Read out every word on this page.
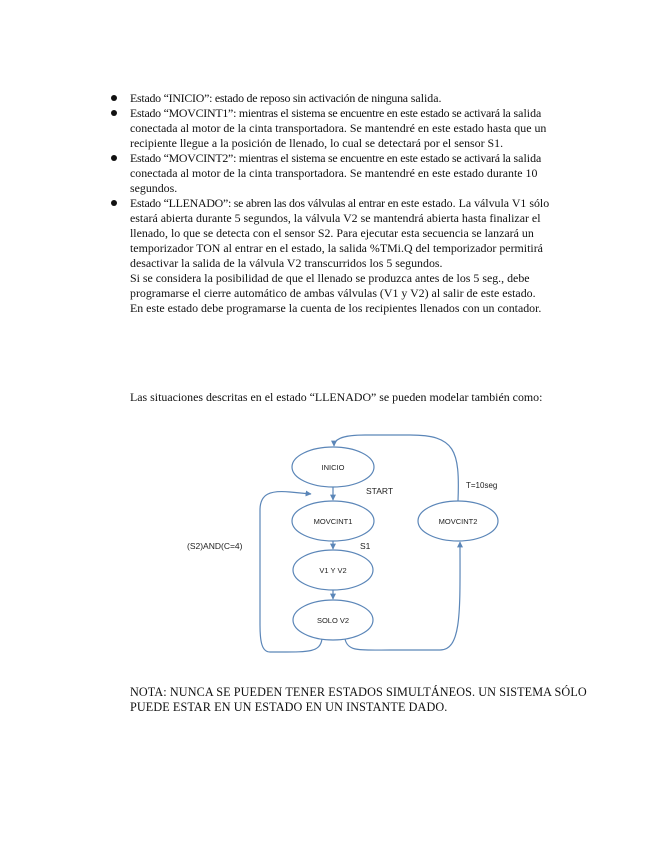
Estado “INICIO”: estado de reposo sin activación de ninguna salida.

Estado “MOVCINT1”: mientras el sistema se encuentre en este estado se activará la salida conectada al motor de la cinta transportadora. Se mantendré en este estado hasta que un recipiente llegue a la posición de llenado, lo cual se detectará por el sensor S1.

Estado “MOVCINT2”: mientras el sistema se encuentre en este estado se activará la salida conectada al motor de la cinta transportadora. Se mantendré en este estado durante 10 segundos.

Estado “LLENADO”: se abren las dos válvulas al entrar en este estado. La válvula V1 sólo estará abierta durante 5 segundos, la válvula V2 se mantendrá abierta hasta finalizar el llenado, lo que se detecta con el sensor S2. Para ejecutar esta secuencia se lanzará un temporizador TON al entrar en el estado, la salida %TMi.Q del temporizador permitirá desactivar la salida de la válvula V2 transcurridos los 5 segundos.

Si se considera la posibilidad de que el llenado se produzca antes de los 5 seg., debe programarse el cierre automático de ambas válvulas (V1 y V2) al salir de este estado.

En este estado debe programarse la cuenta de los recipientes llenados con un contador.

Las situaciones descritas en el estado “LLENADO” se pueden modelar también como:

INICIO
MOVCINT1	MOVCINT2
V1 Y V2
SOLO V2
START
S1
T=10seg
(S2)AND(C=4)

NOTA: NUNCA SE PUEDEN TENER ESTADOS SIMULTÁNEOS. UN SISTEMA SÓLO PUEDE ESTAR EN UN ESTADO EN UN INSTANTE DADO.
